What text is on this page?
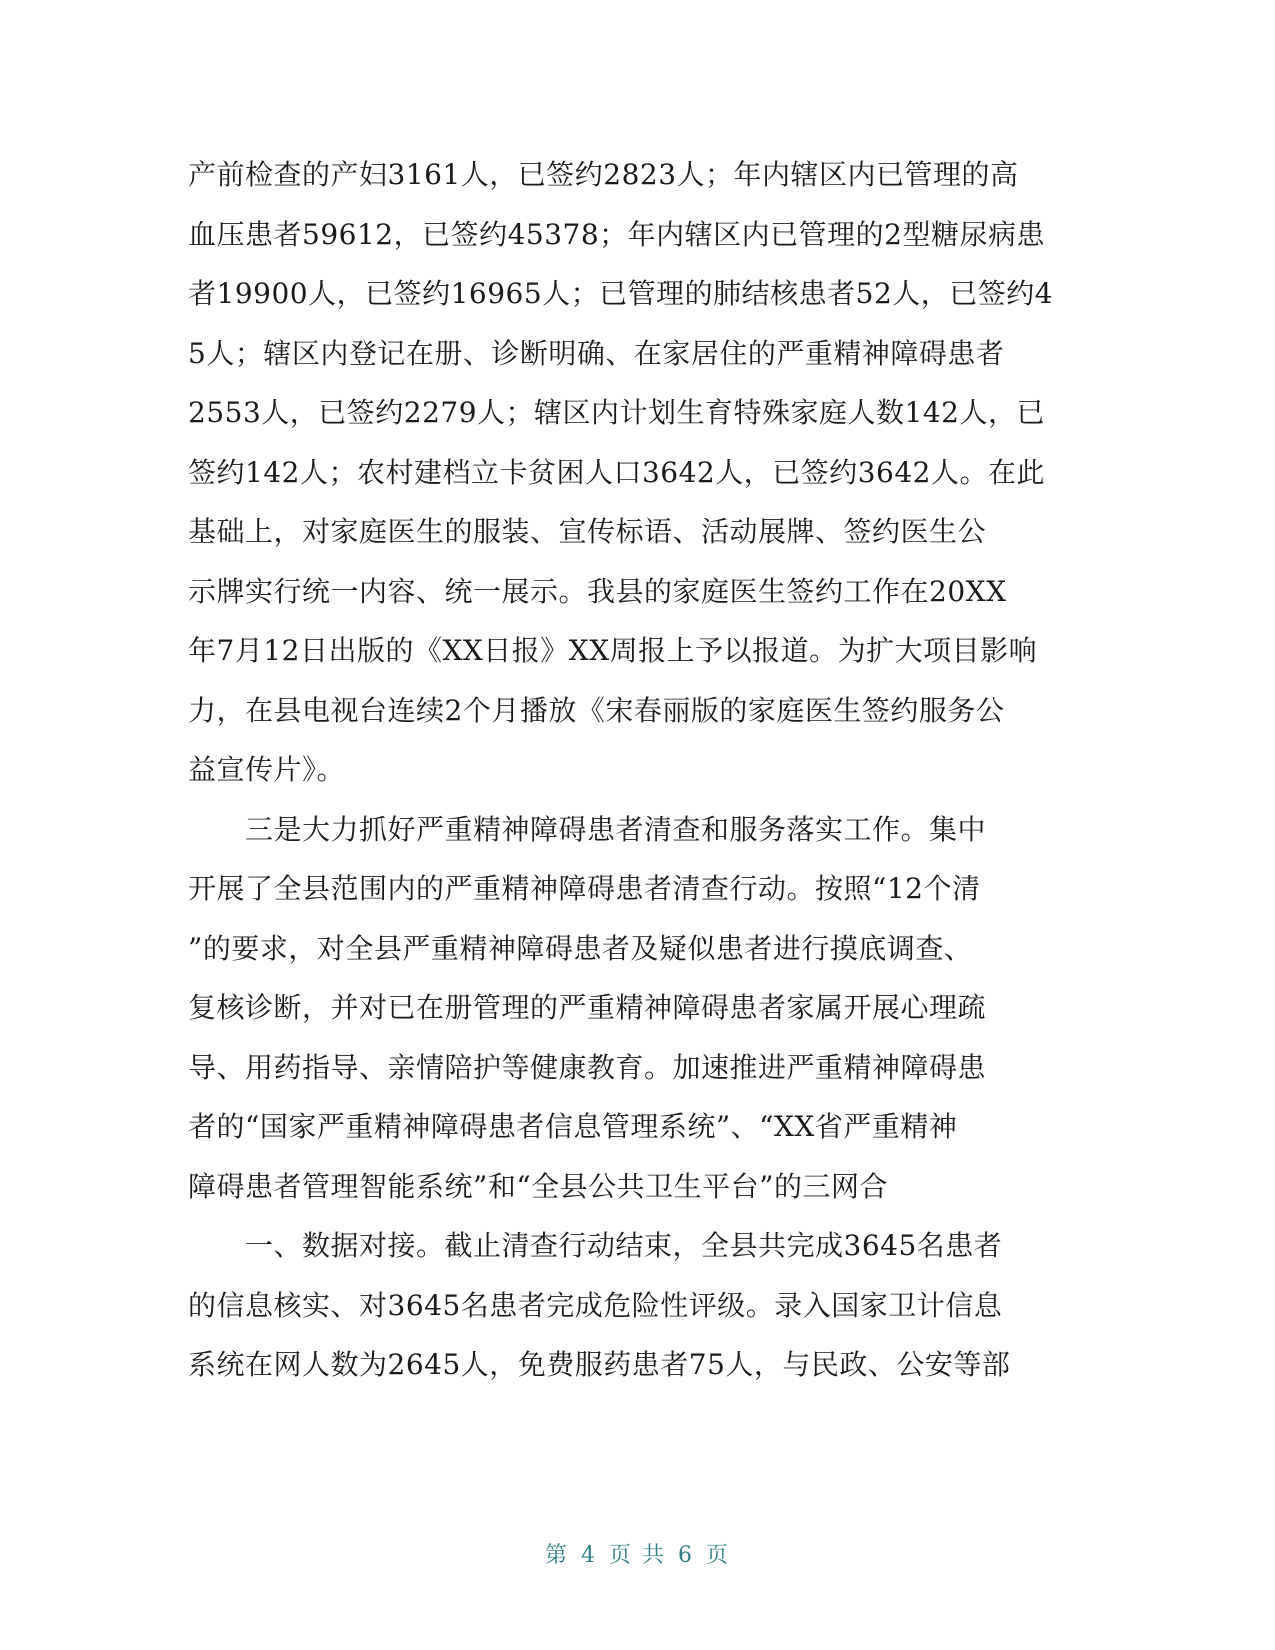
产前检查的产妇3161人，已签约2823人；年内辖区内已管理的高
血压患者59612，已签约45378；年内辖区内已管理的2型糖尿病患
者19900人，已签约16965人；已管理的肺结核患者52人，已签约4
5人；辖区内登记在册、诊断明确、在家居住的严重精神障碍患者
2553人，已签约2279人；辖区内计划生育特殊家庭人数142人，已
签约142人；农村建档立卡贫困人口3642人，已签约3642人。在此
基础上，对家庭医生的服装、宣传标语、活动展牌、签约医生公
示牌实行统一内容、统一展示。我县的家庭医生签约工作在20XX
年7月12日出版的《XX日报》XX周报上予以报道。为扩大项目影响
力，在县电视台连续2个月播放《宋春丽版的家庭医生签约服务公
益宣传片》。
　　三是大力抓好严重精神障碍患者清查和服务落实工作。集中
开展了全县范围内的严重精神障碍患者清查行动。按照“12个清
”的要求，对全县严重精神障碍患者及疑似患者进行摸底调查、
复核诊断，并对已在册管理的严重精神障碍患者家属开展心理疏
导、用药指导、亲情陪护等健康教育。加速推进严重精神障碍患
者的“国家严重精神障碍患者信息管理系统”、“XX省严重精神
障碍患者管理智能系统”和“全县公共卫生平台”的三网合
　　一、数据对接。截止清查行动结束，全县共完成3645名患者
的信息核实、对3645名患者完成危险性评级。录入国家卫计信息
系统在网人数为2645人，免费服药患者75人，与民政、公安等部
第 4 页 共 6 页
